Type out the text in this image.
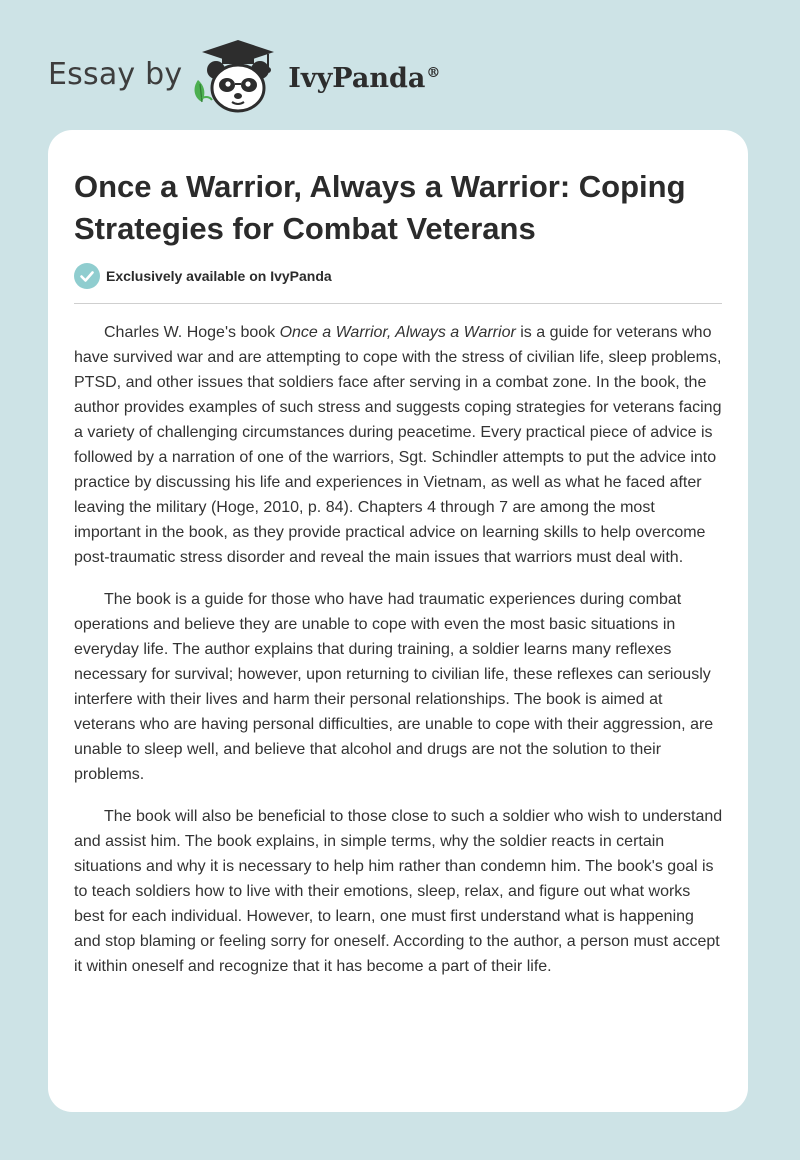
Essay by	IvyPanda®
Once a Warrior, Always a Warrior: Coping Strategies for Combat Veterans
Exclusively available on IvyPanda

Charles W. Hoge's book Once a Warrior, Always a Warrior is a guide for veterans who have survived war and are attempting to cope with the stress of civilian life, sleep problems, PTSD, and other issues that soldiers face after serving in a combat zone. In the book, the author provides examples of such stress and suggests coping strategies for veterans facing a variety of challenging circumstances during peacetime. Every practical piece of advice is followed by a narration of one of the warriors, Sgt. Schindler attempts to put the advice into practice by discussing his life and experiences in Vietnam, as well as what he faced after leaving the military (Hoge, 2010, p. 84). Chapters 4 through 7 are among the most important in the book, as they provide practical advice on learning skills to help overcome post-traumatic stress disorder and reveal the main issues that warriors must deal with.

The book is a guide for those who have had traumatic experiences during combat operations and believe they are unable to cope with even the most basic situations in everyday life. The author explains that during training, a soldier learns many reflexes necessary for survival; however, upon returning to civilian life, these reflexes can seriously interfere with their lives and harm their personal relationships. The book is aimed at veterans who are having personal difficulties, are unable to cope with their aggression, are unable to sleep well, and believe that alcohol and drugs are not the solution to their problems.

The book will also be beneficial to those close to such a soldier who wish to understand and assist him. The book explains, in simple terms, why the soldier reacts in certain situations and why it is necessary to help him rather than condemn him. The book's goal is to teach soldiers how to live with their emotions, sleep, relax, and figure out what works best for each individual. However, to learn, one must first understand what is happening and stop blaming or feeling sorry for oneself. According to the author, a person must accept it within oneself and recognize that it has become a part of their life.
